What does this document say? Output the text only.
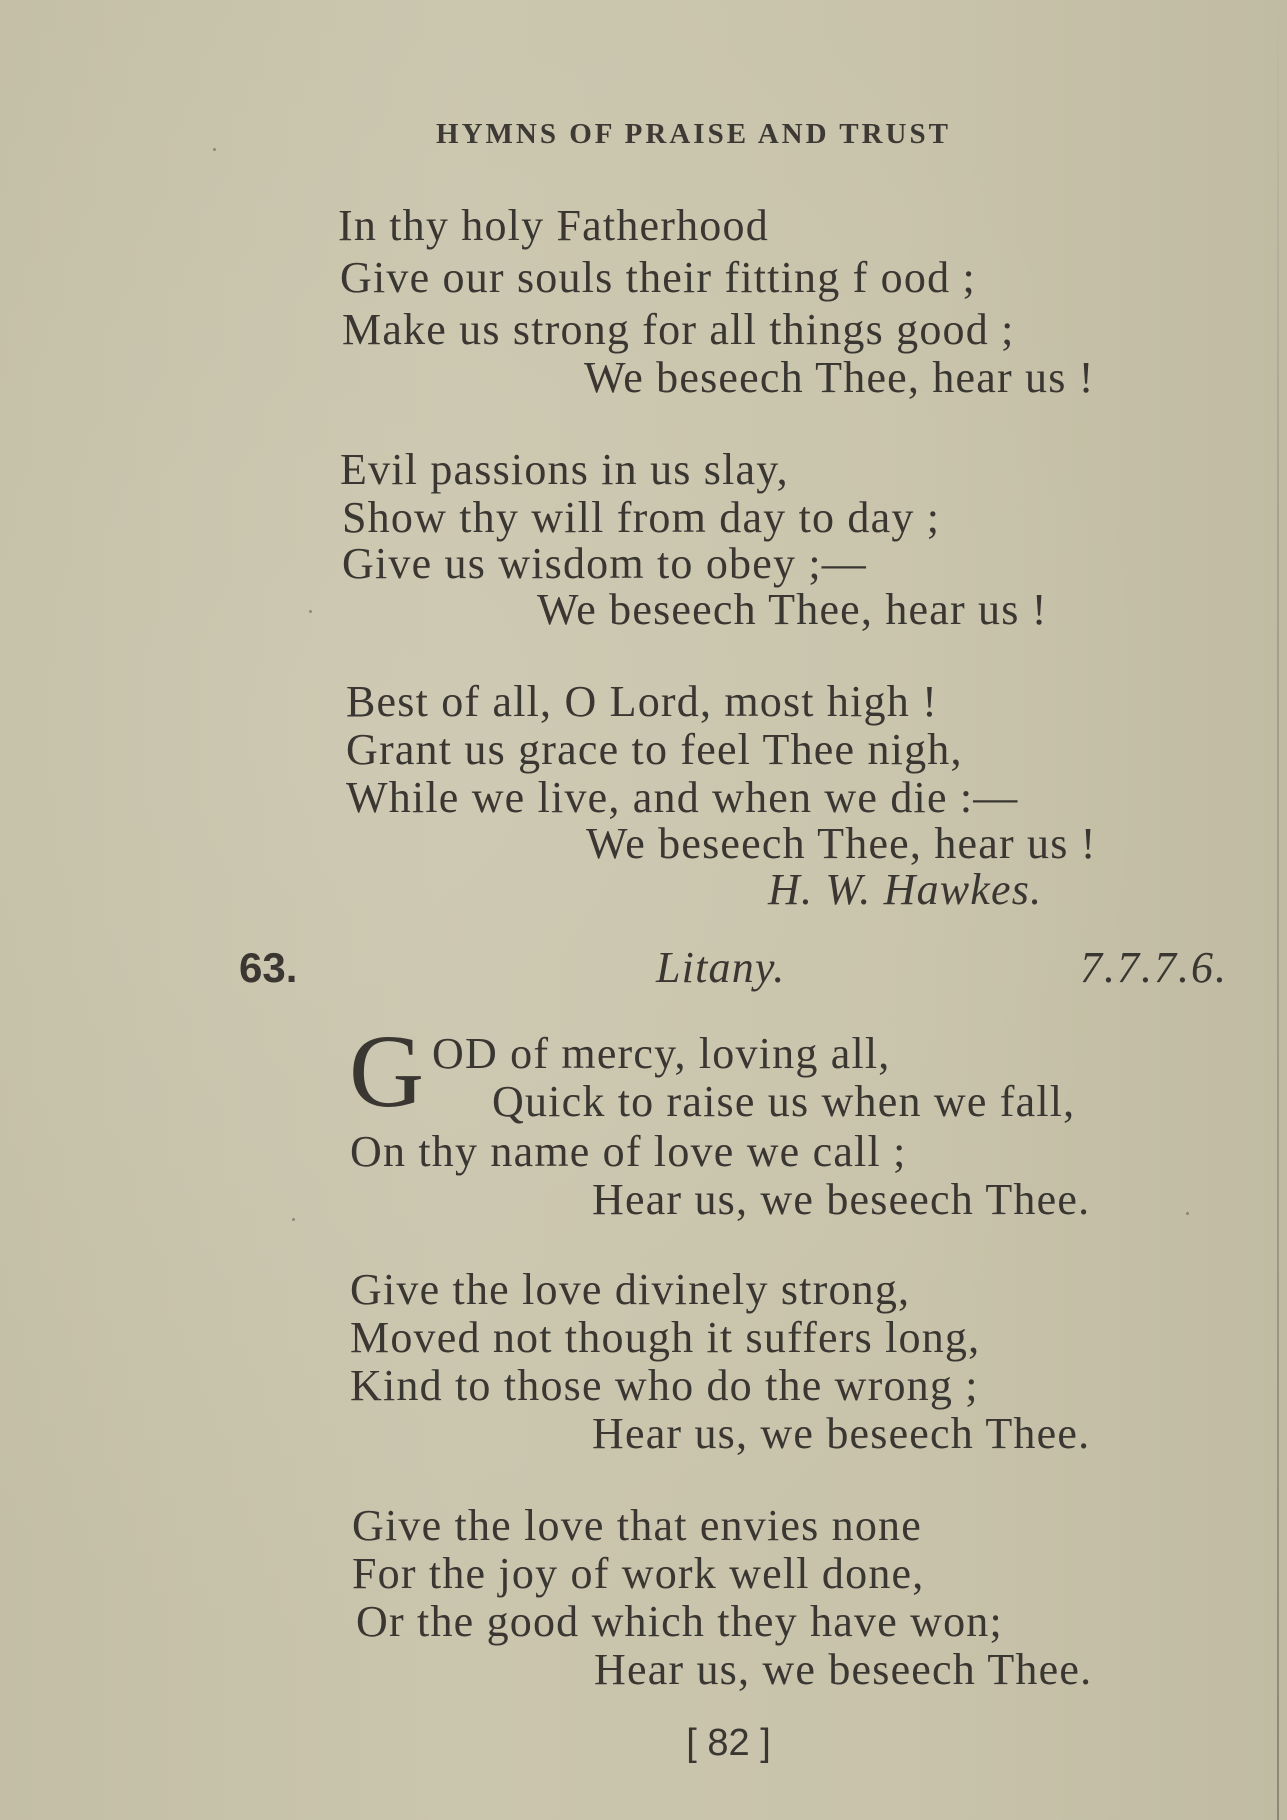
HYMNS OF PRAISE AND TRUST
In thy holy Fatherhood
Give our souls their fitting f ood ;
Make us strong for all things good ;
We beseech Thee, hear us !
Evil passions in us slay,
Show thy will from day to day ;
Give us wisdom to obey ;—
We beseech Thee, hear us !
Best of all, O Lord, most high !
Grant us grace to feel Thee nigh,
While we live, and when we die :—
We beseech Thee, hear us !
H. W. Hawkes.
63.	Litany.	7.7.7.6.
G OD of mercy, loving all,
Quick to raise us when we fall,
On thy name of love we call ;
Hear us, we beseech Thee.
Give the love divinely strong,
Moved not though it suffers long,
Kind to those who do the wrong ;
Hear us, we beseech Thee.
Give the love that envies none
For the joy of work well done,
Or the good which they have won;
Hear us, we beseech Thee.
[ 82 ]
